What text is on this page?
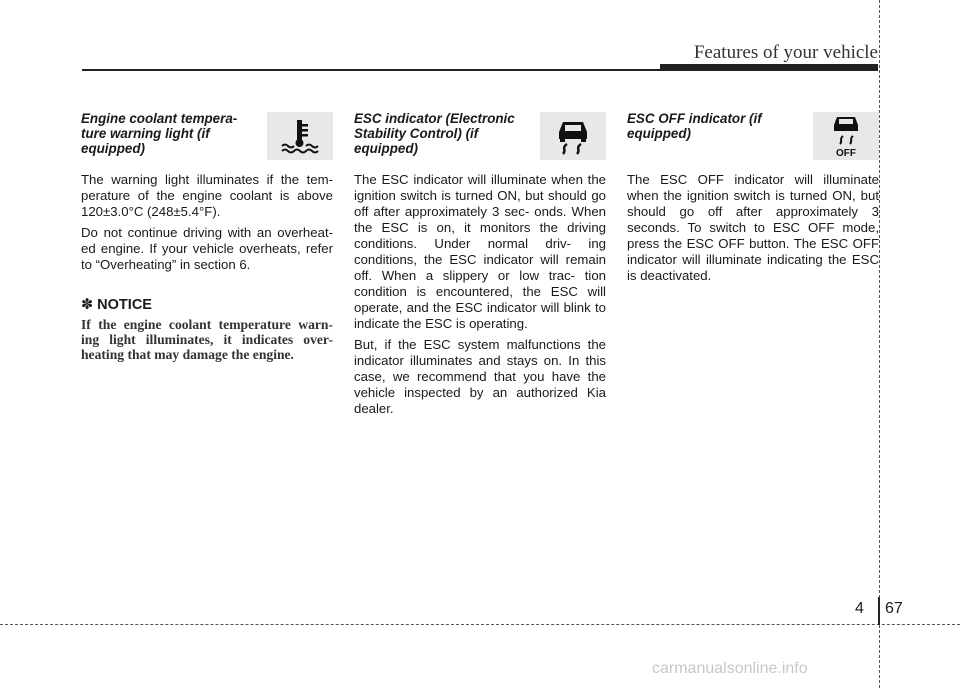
Features of your vehicle
Engine coolant tempera- ture warning light (if equipped)

The warning light illuminates if the tem- perature of the engine coolant is above 120±3.0°C (248±5.4°F).

Do not continue driving with an overheat- ed engine. If your vehicle overheats, refer to “Overheating” in section 6.

✽ NOTICE

If the engine coolant temperature warn- ing light illuminates, it indicates over- heating that may damage the engine.

ESC indicator (Electronic Stability Control) (if equipped)

The ESC indicator will illuminate when the ignition switch is turned ON, but should go off after approximately 3 sec- onds. When the ESC is on, it monitors the driving conditions. Under normal driv- ing conditions, the ESC indicator will remain off. When a slippery or low trac- tion condition is encountered, the ESC will operate, and the ESC indicator will blink to indicate the ESC is operating.

But, if the ESC system malfunctions the indicator illuminates and stays on. In this case, we recommend that you have the vehicle inspected by an authorized Kia dealer.

ESC OFF indicator (if equipped)
OFF

The ESC OFF indicator will illuminate when the ignition switch is turned ON, but should go off after approximately 3 seconds. To switch to ESC OFF mode, press the ESC OFF button. The ESC OFF indicator will illuminate indicating the ESC is deactivated.

4 67
carmanualsonline.info
